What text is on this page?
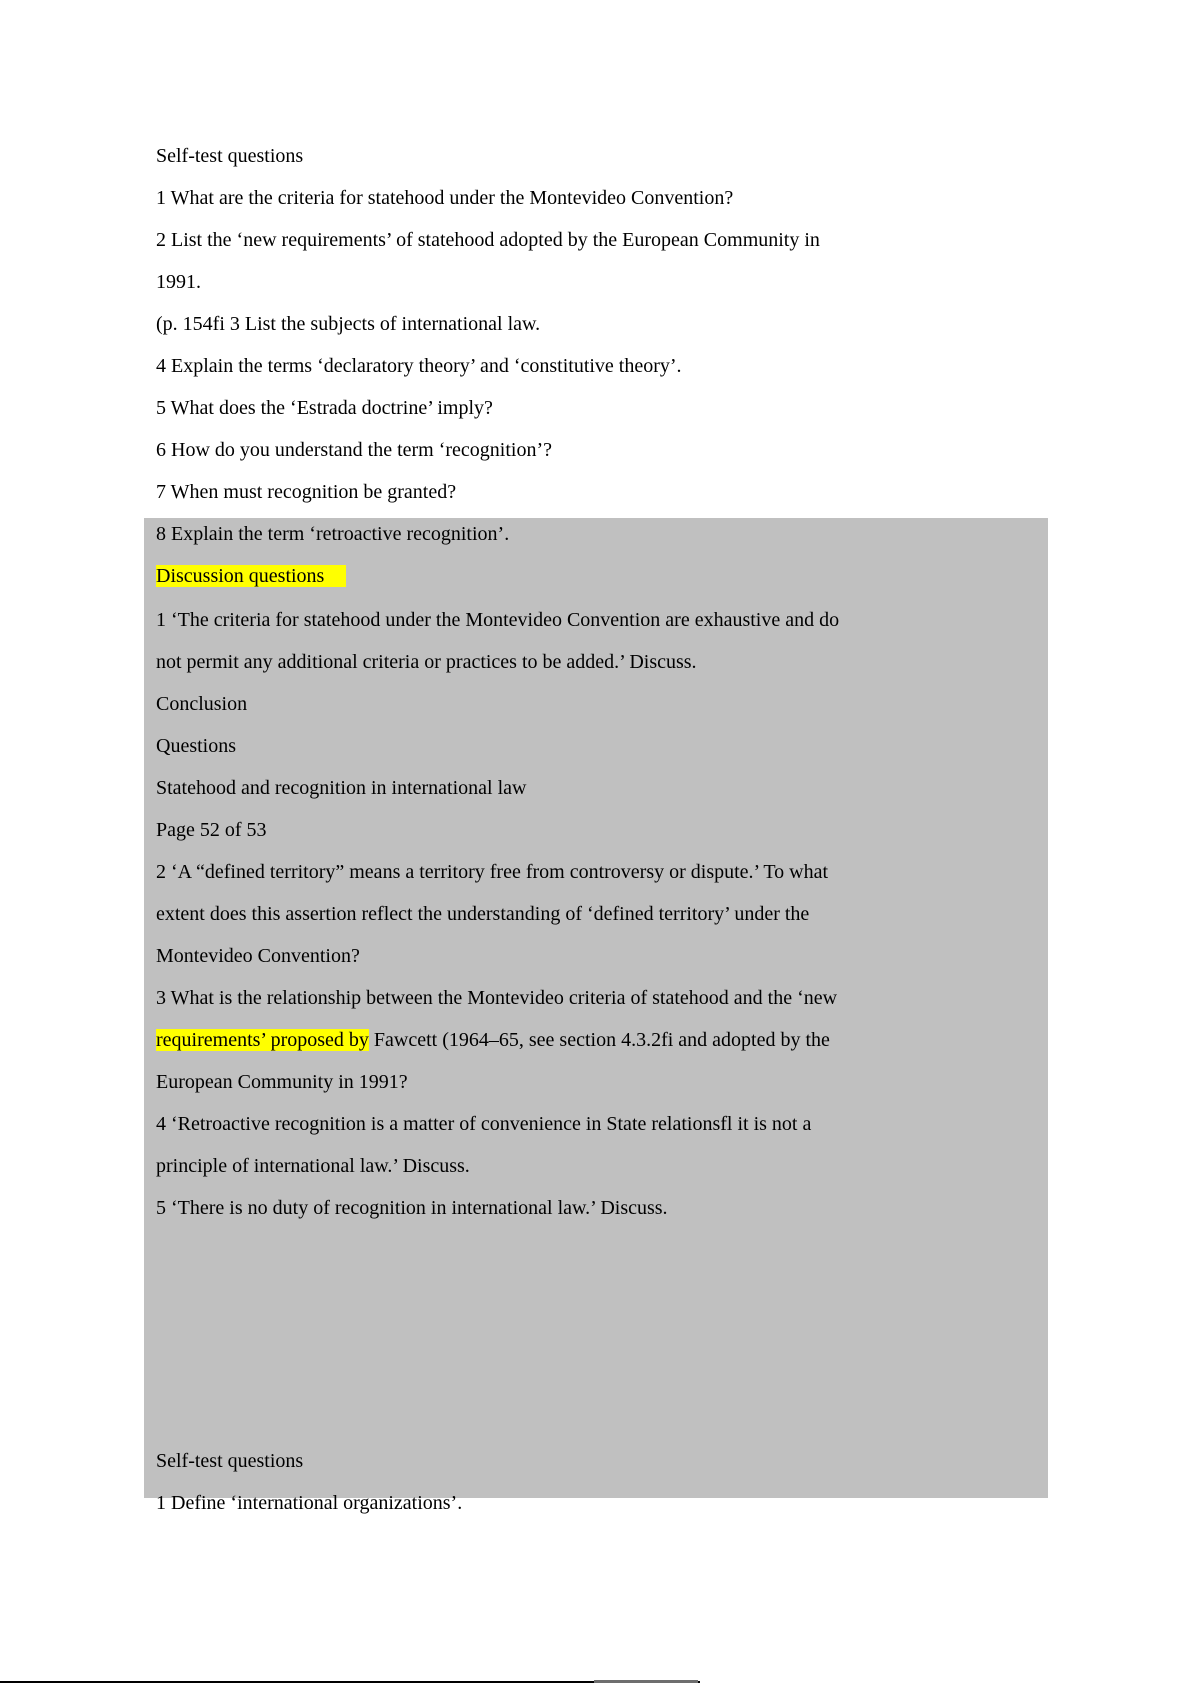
Self-test questions
1 What are the criteria for statehood under the Montevideo Convention?
2 List the ‘new requirements’ of statehood adopted by the European Community in
1991.
(p. 154fi 3 List the subjects of international law.
4 Explain the terms ‘declaratory theory’ and ‘constitutive theory’.
5 What does the ‘Estrada doctrine’ imply?
6 How do you understand the term ‘recognition’?
7 When must recognition be granted?
8 Explain the term ‘retroactive recognition’.
Discussion questions
1 ‘The criteria for statehood under the Montevideo Convention are exhaustive and do
not permit any additional criteria or practices to be added.’ Discuss.
Conclusion
Questions
Statehood and recognition in international law
Page 52 of 53
2 ‘A “defined territory” means a territory free from controversy or dispute.’ To what
extent does this assertion reflect the understanding of ‘defined territory’ under the
Montevideo Convention?
3 What is the relationship between the Montevideo criteria of statehood and the ‘new
requirements’ proposed by Fawcett (1964–65, see section 4.3.2fi and adopted by the
European Community in 1991?
4 ‘Retroactive recognition is a matter of convenience in State relationsfl it is not a
principle of international law.’ Discuss.
5 ‘There is no duty of recognition in international law.’ Discuss.
Self-test questions
1 Define ‘international organizations’.
